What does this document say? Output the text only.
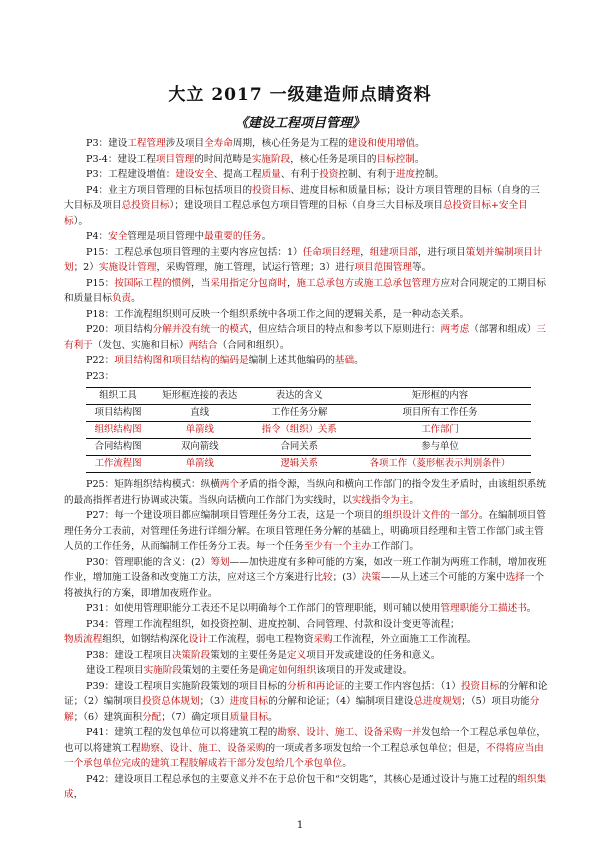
大立 2017 一级建造师点睛资料
《建设工程项目管理》

P3：建设工程管理涉及项目全寿命周期，核心任务是为工程的建设和使用增值。

P3-4：建设工程项目管理的时间范畴是实施阶段，核心任务是项目的目标控制。

P3：工程建设增值：建设安全、提高工程质量、有利于投资控制、有利于进度控制。

P4：业主方项目管理的目标包括项目的投资目标、进度目标和质量目标；设计方项目管理的目标（自身的三大目标及项目总投资目标）；建设项目工程总承包方项目管理的目标（自身三大目标及项目总投资目标+安全目标）。

P4：安全管理是项目管理中最重要的任务。

P15：工程总承包项目管理的主要内容应包括：1）任命项目经理，组建项目部，进行项目策划并编制项目计划；2）实施设计管理，采购管理，施工管理，试运行管理；3）进行项目范围管理等。

P15：按国际工程的惯例，当采用指定分包商时，施工总承包方或施工总承包管理方应对合同规定的工期目标和质量目标负责。

P18：工作流程组织则可反映一个组织系统中各项工作之间的逻辑关系，是一种动态关系。

P20：项目结构分解并没有统一的模式，但应结合项目的特点和参考以下原则进行：两考虑（部署和组成）三有利于（发包、实施和目标）两结合（合同和组织）。

P22：项目结构图和项目结构的编码是编制上述其他编码的基础。

P23：

组织工具	矩形框连接的表达	表达的含义	矩形框的内容
项目结构图	直线	工作任务分解	项目所有工作任务
组织结构图	单箭线	指令（组织）关系	工作部门
合同结构图	双向箭线	合同关系	参与单位
工作流程图	单箭线	逻辑关系	各项工作（菱形框表示判别条件）

P25：矩阵组织结构模式：纵横两个矛盾的指令源，当纵向和横向工作部门的指令发生矛盾时，由该组织系统的最高指挥者进行协调或决策。当纵向话横向工作部门为实线时，以实线指令为主。

P27：每一个建设项目都应编制项目管理任务分工表，这是一个项目的组织设计文件的一部分。在编制项目管理任务分工表前，对管理任务进行详细分解。在项目管理任务分解的基础上，明确项目经理和主管工作部门或主管人员的工作任务，从而编制工作任务分工表。每一个任务至少有一个主办工作部门。

P30：管理职能的含义：(2）筹划——加快进度有多种可能的方案，如改一班工作制为两班工作制，增加夜班作业，增加施工设备和改变施工方法，应对这三个方案进行比较；(3）决策——从上述三个可能的方案中选择一个将被执行的方案，即增加夜班作业。

P31：如使用管理职能分工表还不足以明确每个工作部门的管理职能，则可辅以使用管理职能分工描述书。

P34：管理工作流程组织，如投资控制、进度控制、合同管理、付款和设计变更等流程；

物质流程组织，如钢结构深化设计工作流程，弱电工程物资采购工作流程，外立面施工工作流程。

P38：建设工程项目决策阶段策划的主要任务是定义项目开发或建设的任务和意义。

建设工程项目实施阶段策划的主要任务是确定如何组织该项目的开发或建设。

P39：建设工程项目实施阶段策划的项目目标的分析和再论证的主要工作内容包括：（1）投资目标的分解和论证；（2）编制项目投资总体规划；（3）进度目标的分解和论证；（4）编制项目建设总进度规划；（5）项目功能分解；（6）建筑面积分配；（7）确定项目质量目标。

P41：建筑工程的发包单位可以将建筑工程的勘察、设计、施工、设备采购一并发包给一个工程总承包单位，也可以将建筑工程勘察、设计、施工、设备采购的一项或者多项发包给一个工程总承包单位；但是，不得将应当由一个承包单位完成的建筑工程肢解成若干部分发包给几个承包单位。

P42：建设项目工程总承包的主要意义并不在于总价包干和“交钥匙”，其核心是通过设计与施工过程的组织集成，

1
